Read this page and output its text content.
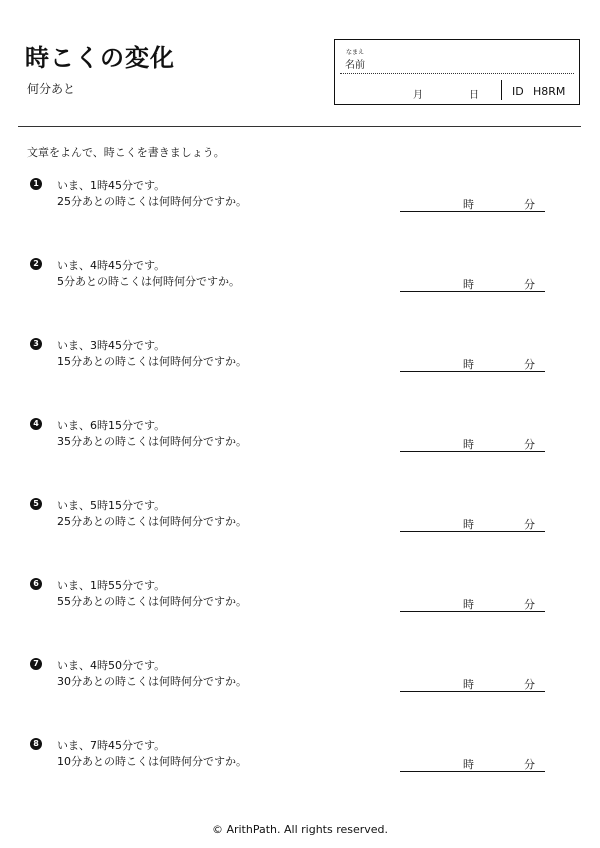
時こくの変化
何分あと
なまえ
名前
月	日	ID H8RM
文章をよんで、時こくを書きましょう。
1 いま、1時45分です。
25分あとの時こくは何時何分ですか。	時	分
2 いま、4時45分です。
5分あとの時こくは何時何分ですか。	時	分
3 いま、3時45分です。
15分あとの時こくは何時何分ですか。	時	分
4 いま、6時15分です。
35分あとの時こくは何時何分ですか。	時	分
5 いま、5時15分です。
25分あとの時こくは何時何分ですか。	時	分
6 いま、1時55分です。
55分あとの時こくは何時何分ですか。	時	分
7 いま、4時50分です。
30分あとの時こくは何時何分ですか。	時	分
8 いま、7時45分です。
10分あとの時こくは何時何分ですか。	時	分
© ArithPath. All rights reserved.
